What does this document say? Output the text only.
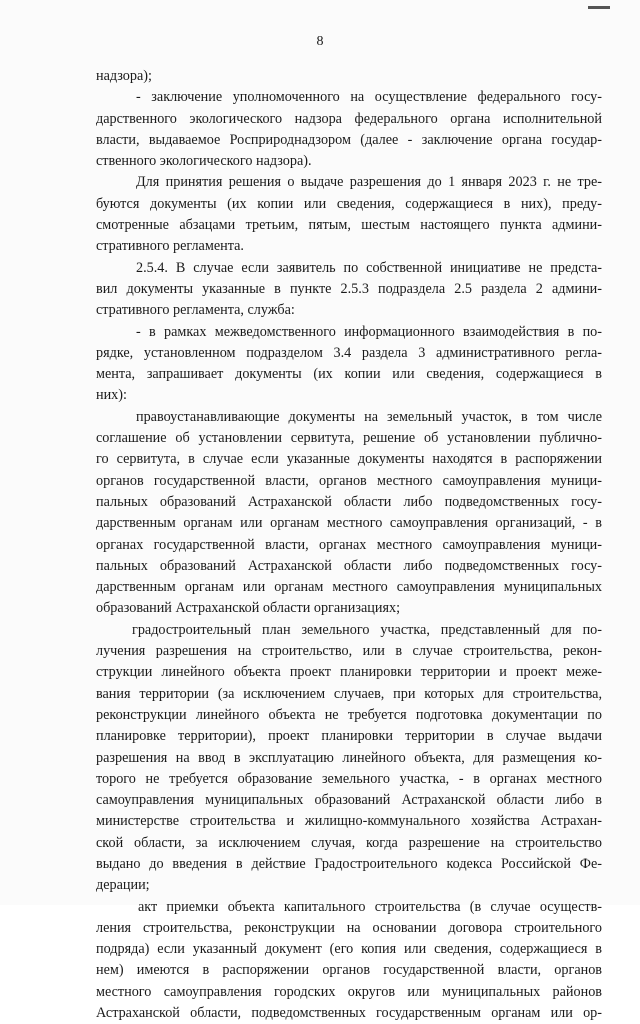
8
надзора);
- заключение уполномоченного на осуществление федерального госу-
дарственного экологического надзора федерального органа исполнительной
власти, выдаваемое Росприроднадзором (далее - заключение органа государ-
ственного экологического надзора).
Для принятия решения о выдаче разрешения до 1 января 2023 г. не тре-
буются документы (их копии или сведения, содержащиеся в них), преду-
смотренные абзацами третьим, пятым, шестым настоящего пункта админи-
стративного регламента.
2.5.4. В случае если заявитель по собственной инициативе не предста-
вил документы указанные в пункте 2.5.3 подраздела 2.5 раздела 2 админи-
стративного регламента, служба:
- в рамках межведомственного информационного взаимодействия в по-
рядке, установленном подразделом 3.4 раздела 3 административного регла-
мента, запрашивает документы (их копии или сведения, содержащиеся в
них):
правоустанавливающие документы на земельный участок, в том числе
соглашение об установлении сервитута, решение об установлении публично-
го сервитута, в случае если указанные документы находятся в распоряжении
органов государственной власти, органов местного самоуправления муници-
пальных образований Астраханской области либо подведомственных госу-
дарственным органам или органам местного самоуправления организаций, - в
органах государственной власти, органах местного самоуправления муници-
пальных образований Астраханской области либо подведомственных госу-
дарственным органам или органам местного самоуправления муниципальных
образований Астраханской области организациях;
градостроительный план земельного участка, представленный для по-
лучения разрешения на строительство, или в случае строительства, рекон-
струкции линейного объекта проект планировки территории и проект меже-
вания территории (за исключением случаев, при которых для строительства,
реконструкции линейного объекта не требуется подготовка документации по
планировке территории), проект планировки территории в случае выдачи
разрешения на ввод в эксплуатацию линейного объекта, для размещения ко-
торого не требуется образование земельного участка, - в органах местного
самоуправления муниципальных образований Астраханской области либо в
министерстве строительства и жилищно-коммунального хозяйства Астрахан-
ской области, за исключением случая, когда разрешение на строительство
выдано до введения в действие Градостроительного кодекса Российской Фе-
дерации;
акт приемки объекта капитального строительства (в случае осуществ-
ления строительства, реконструкции на основании договора строительного
подряда) если указанный документ (его копия или сведения, содержащиеся в
нем) имеются в распоряжении органов государственной власти, органов
местного самоуправления городских округов или муниципальных районов
Астраханской области, подведомственных государственным органам или ор-
